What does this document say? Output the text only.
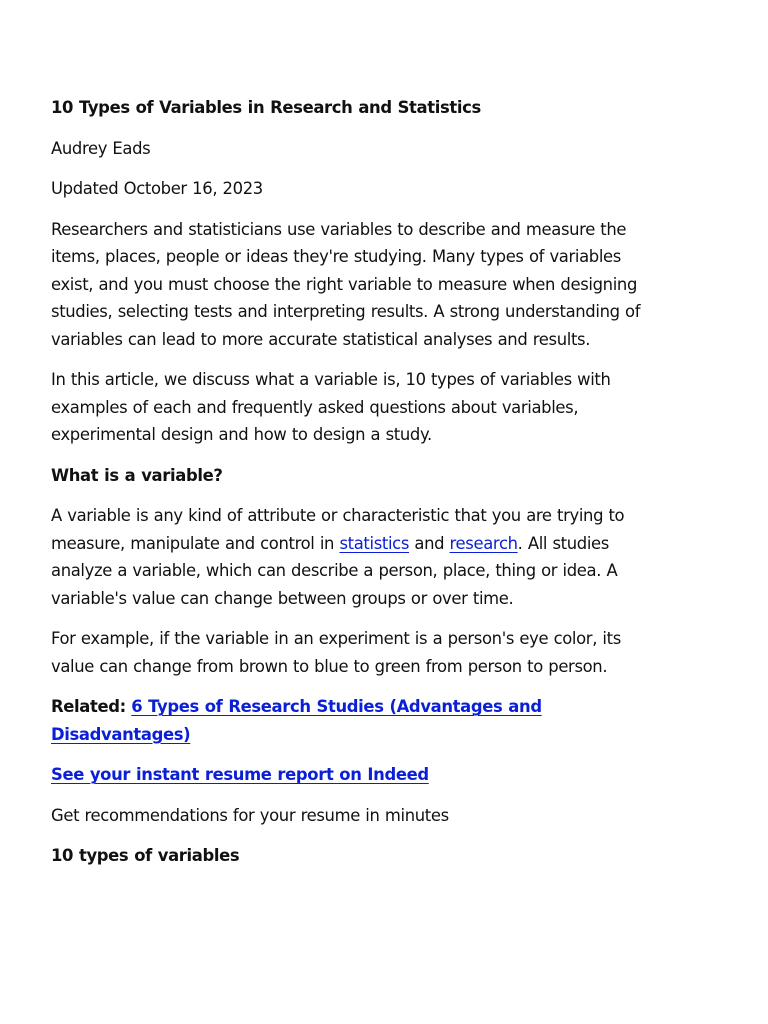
10 Types of Variables in Research and Statistics

Audrey Eads

Updated October 16, 2023

Researchers and statisticians use variables to describe and measure the items, places, people or ideas they're studying. Many types of variables exist, and you must choose the right variable to measure when designing studies, selecting tests and interpreting results. A strong understanding of variables can lead to more accurate statistical analyses and results.

In this article, we discuss what a variable is, 10 types of variables with examples of each and frequently asked questions about variables, experimental design and how to design a study.

What is a variable?

A variable is any kind of attribute or characteristic that you are trying to measure, manipulate and control in statistics and research. All studies analyze a variable, which can describe a person, place, thing or idea. A variable's value can change between groups or over time.

For example, if the variable in an experiment is a person's eye color, its value can change from brown to blue to green from person to person.

Related: 6 Types of Research Studies (Advantages and Disadvantages)

See your instant resume report on Indeed

Get recommendations for your resume in minutes

10 types of variables
